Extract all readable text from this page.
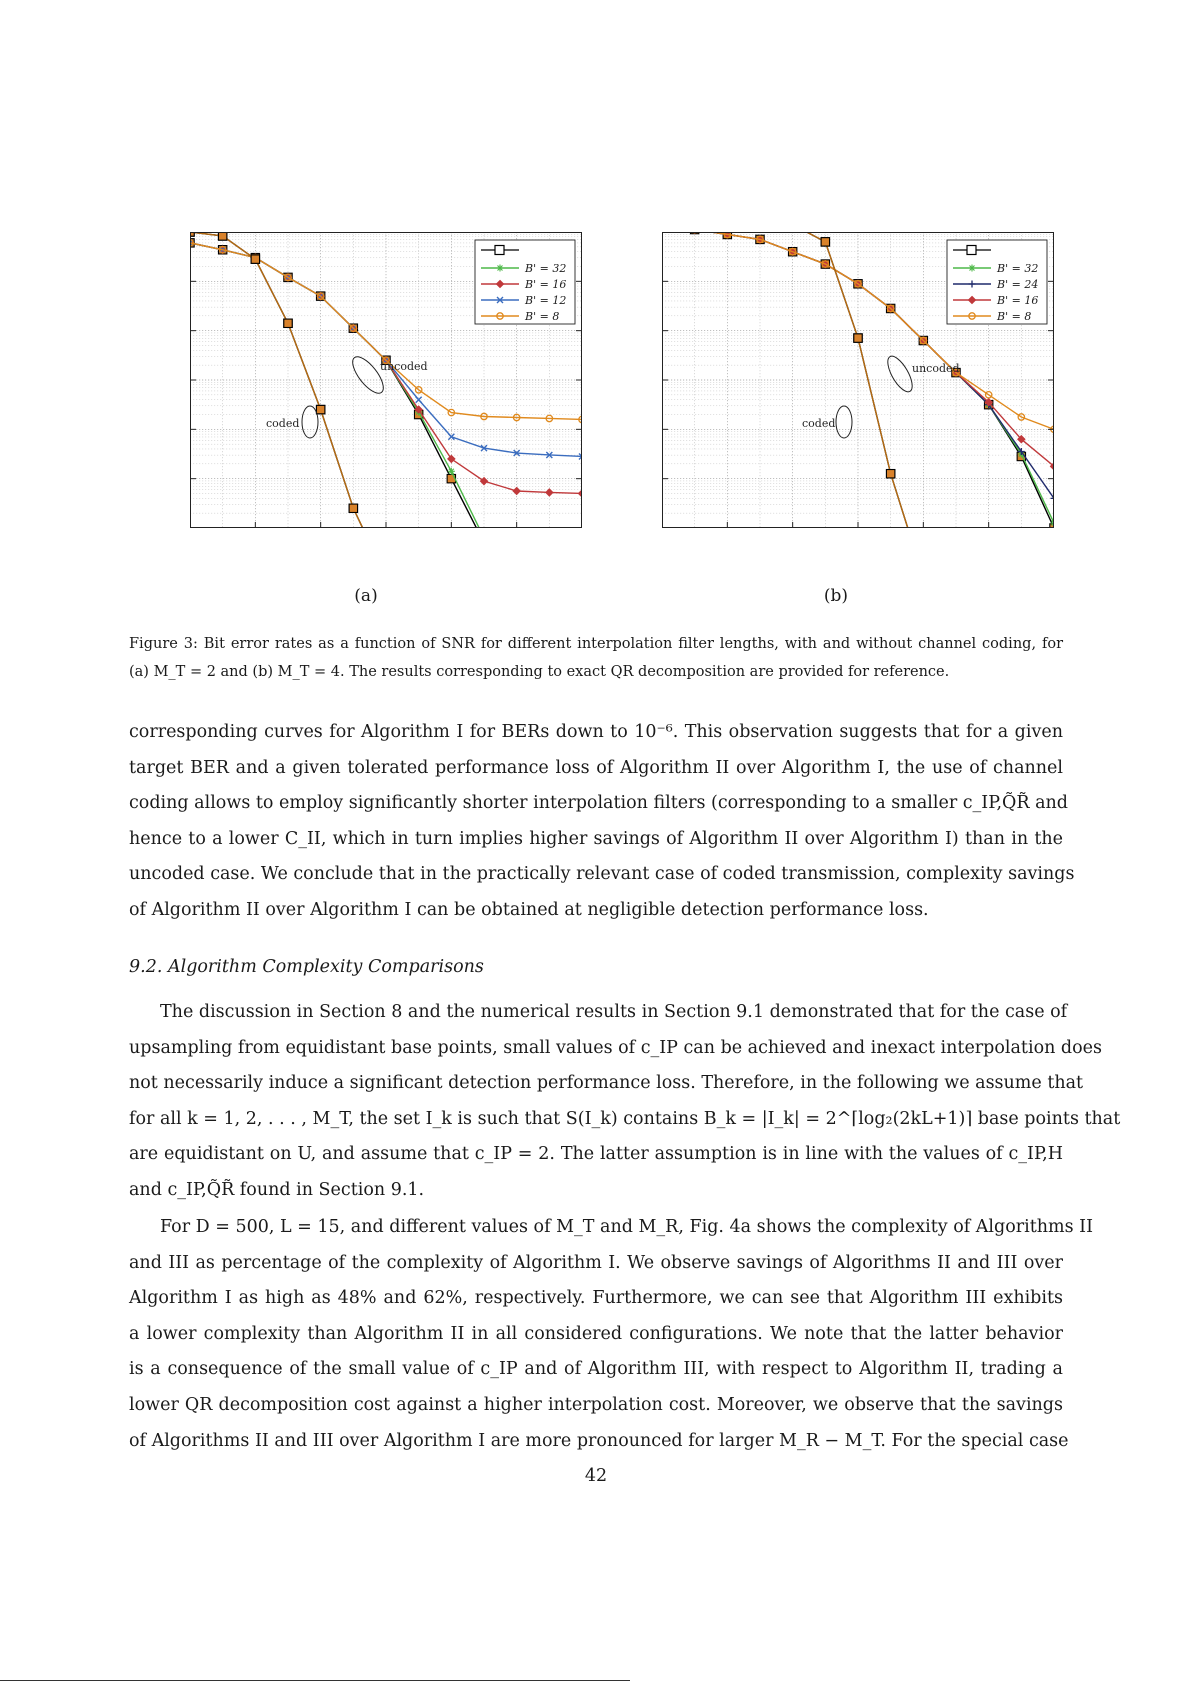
B' = 32
B' = 16
B' = 12
B' = 8
uncoded
coded
B' = 32
B' = 24
B' = 16
B' = 8
uncoded
coded
(a)	(b)
Figure 3: Bit error rates as a function of SNR for different interpolation filter lengths, with and without channel coding, for
(a) M_T = 2 and (b) M_T = 4. The results corresponding to exact QR decomposition are provided for reference.
corresponding curves for Algorithm I for BERs down to 10⁻⁶. This observation suggests that for a given
target BER and a given tolerated performance loss of Algorithm II over Algorithm I, the use of channel
coding allows to employ significantly shorter interpolation filters (corresponding to a smaller c_IP,Q̃R̃ and
hence to a lower C_II, which in turn implies higher savings of Algorithm II over Algorithm I) than in the
uncoded case. We conclude that in the practically relevant case of coded transmission, complexity savings
of Algorithm II over Algorithm I can be obtained at negligible detection performance loss.
9.2. Algorithm Complexity Comparisons
The discussion in Section 8 and the numerical results in Section 9.1 demonstrated that for the case of
upsampling from equidistant base points, small values of c_IP can be achieved and inexact interpolation does
not necessarily induce a significant detection performance loss. Therefore, in the following we assume that
for all k = 1, 2, . . . , M_T, the set I_k is such that S(I_k) contains B_k = |I_k| = 2^⌈log₂(2kL+1)⌉ base points that
are equidistant on U, and assume that c_IP = 2. The latter assumption is in line with the values of c_IP,H
and c_IP,Q̃R̃ found in Section 9.1.
For D = 500, L = 15, and different values of M_T and M_R, Fig. 4a shows the complexity of Algorithms II
and III as percentage of the complexity of Algorithm I. We observe savings of Algorithms II and III over
Algorithm I as high as 48% and 62%, respectively. Furthermore, we can see that Algorithm III exhibits
a lower complexity than Algorithm II in all considered configurations. We note that the latter behavior
is a consequence of the small value of c_IP and of Algorithm III, with respect to Algorithm II, trading a
lower QR decomposition cost against a higher interpolation cost. Moreover, we observe that the savings
of Algorithms II and III over Algorithm I are more pronounced for larger M_R − M_T. For the special case
42
